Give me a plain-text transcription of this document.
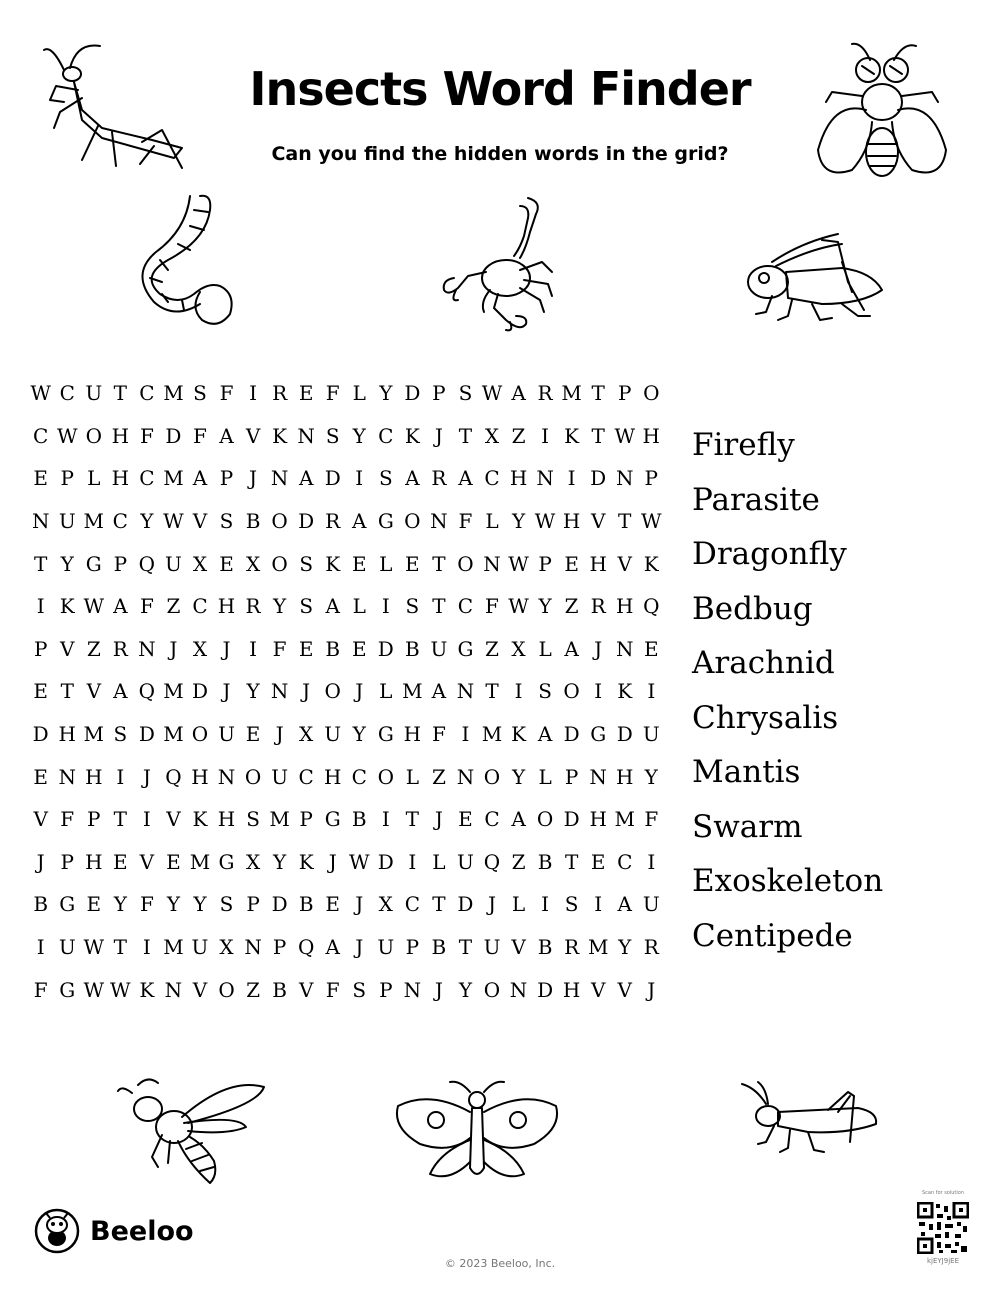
Insects Word Finder
Can you find the hidden words in the grid?
W C U T C M S F I R E F L Y D P S W A R M T P O
C W O H F D F A V K N S Y C K J T X Z I K T W H
E P L H C M A P J N A D I S A R A C H N I D N P
N U M C Y W V S B O D R A G O N F L Y W H V T W
T Y G P Q U X E X O S K E L E T O N W P E H V K
I K W A F Z C H R Y S A L I S T C F W Y Z R H Q
P V Z R N J X J I F E B E D B U G Z X L A J N E
E T V A Q M D J Y N J O J L M A N T I S O I K I
D H M S D M O U E J X U Y G H F I M K A D G D U
E N H I J Q H N O U C H C O L Z N O Y L P N H Y
V F P T I V K H S M P G B I T J E C A O D H M F
J P H E V E M G X Y K J W D I L U Q Z B T E C I
B G E Y F Y Y S P D B E J X C T D J L I S I A U
I U W T I M U X N P Q A J U P B T U V B R M Y R
F G W W K N V O Z B V F S P N J Y O N D H V V J
Firefly
Parasite
Dragonfly
Bedbug
Arachnid
Chrysalis
Mantis
Swarm
Exoskeleton
Centipede
Beeloo
© 2023 Beeloo, Inc.
Scan for solution
kjEYJ9jEE
